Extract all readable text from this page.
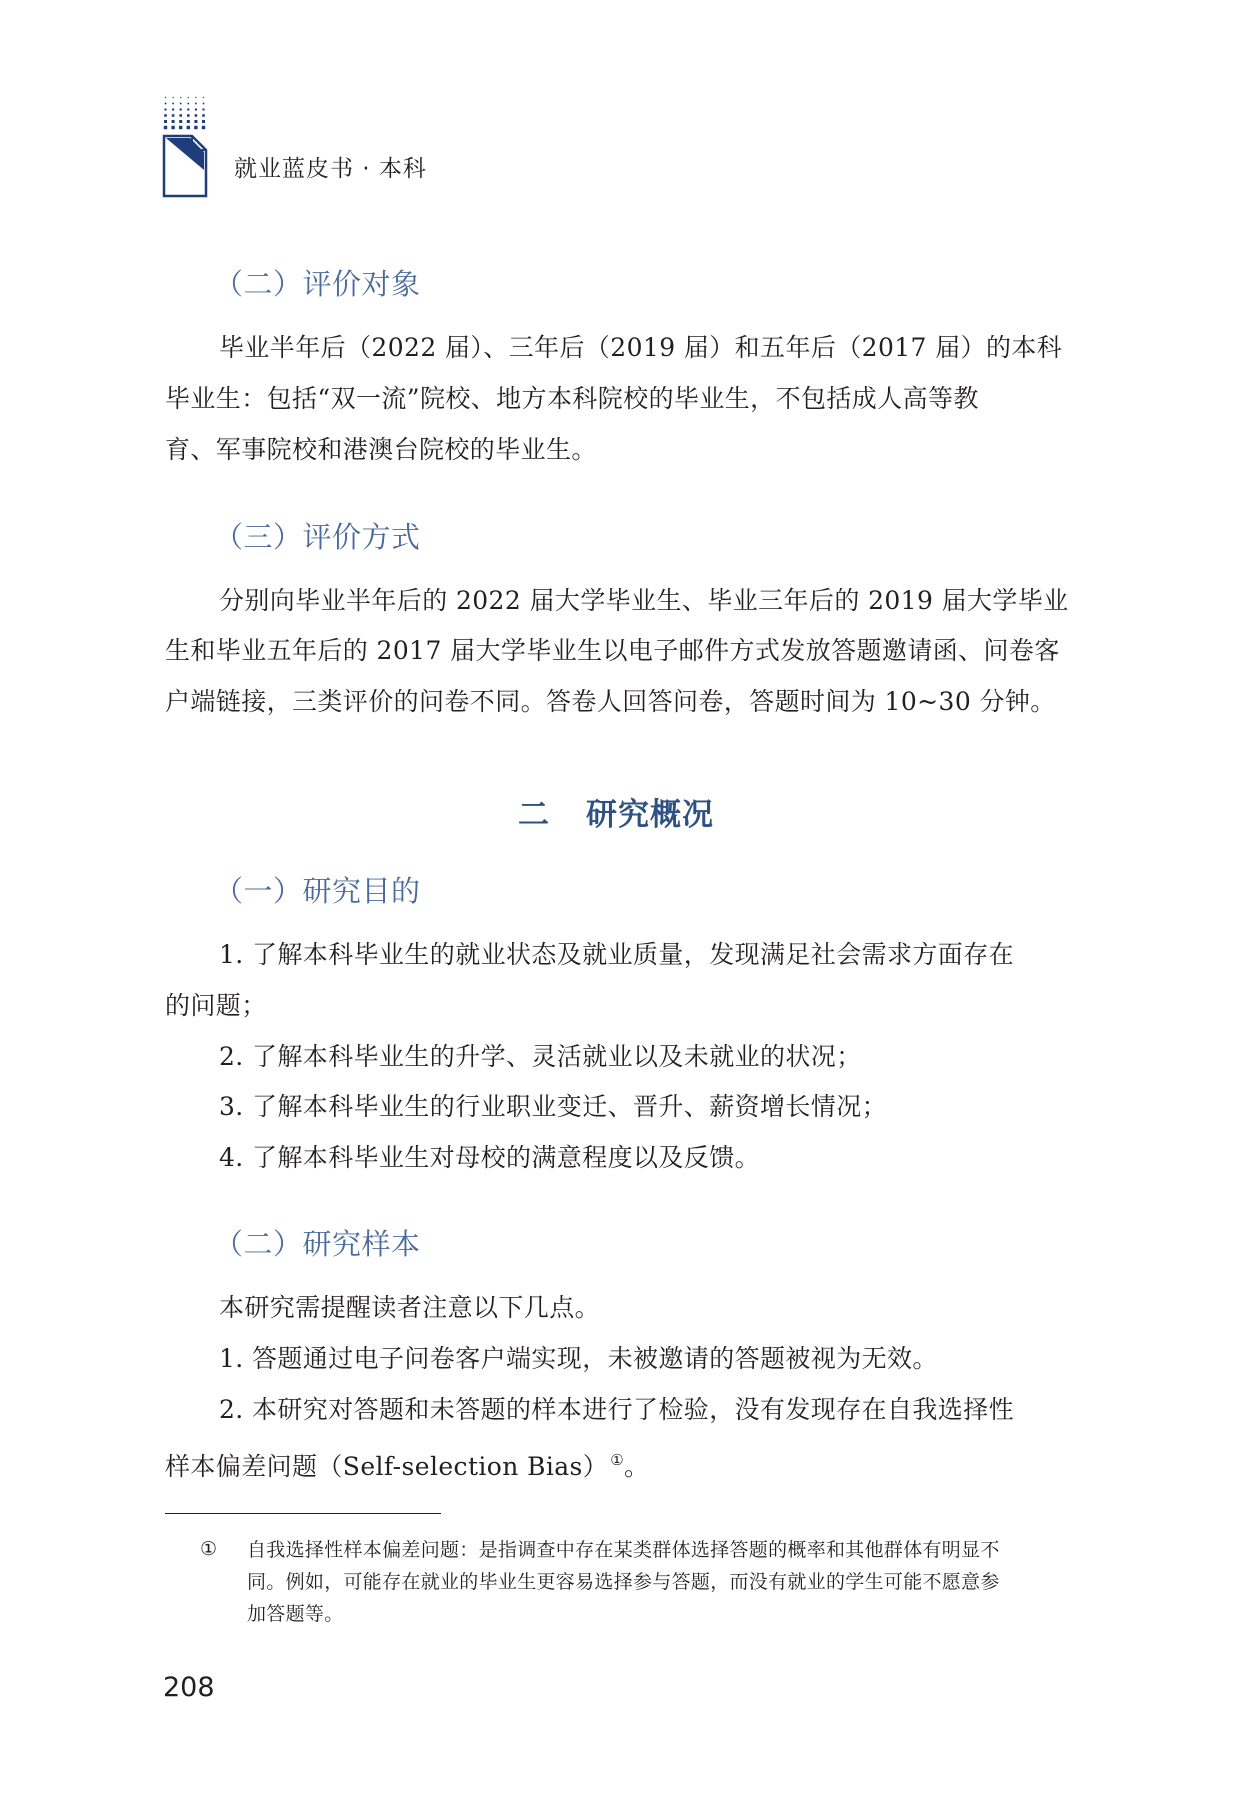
就业蓝皮书 · 本科
（二）评价对象
毕业半年后（2022 届）、三年后（2019 届）和五年后（2017 届）的本科
毕业生：包括“双一流”院校、地方本科院校的毕业生，不包括成人高等教
育、军事院校和港澳台院校的毕业生。
（三）评价方式
分别向毕业半年后的 2022 届大学毕业生、毕业三年后的 2019 届大学毕业
生和毕业五年后的 2017 届大学毕业生以电子邮件方式发放答题邀请函、问卷客
户端链接，三类评价的问卷不同。答卷人回答问卷，答题时间为 10~30 分钟。
二 研究概况
（一）研究目的
1. 了解本科毕业生的就业状态及就业质量，发现满足社会需求方面存在
的问题；
2. 了解本科毕业生的升学、灵活就业以及未就业的状况；
3. 了解本科毕业生的行业职业变迁、晋升、薪资增长情况；
4. 了解本科毕业生对母校的满意程度以及反馈。
（二）研究样本
本研究需提醒读者注意以下几点。
1. 答题通过电子问卷客户端实现，未被邀请的答题被视为无效。
2. 本研究对答题和未答题的样本进行了检验，没有发现存在自我选择性
样本偏差问题（Self-selection Bias） ①。
① 自我选择性样本偏差问题：是指调查中存在某类群体选择答题的概率和其他群体有明显不
同。例如，可能存在就业的毕业生更容易选择参与答题，而没有就业的学生可能不愿意参
加答题等。
208
